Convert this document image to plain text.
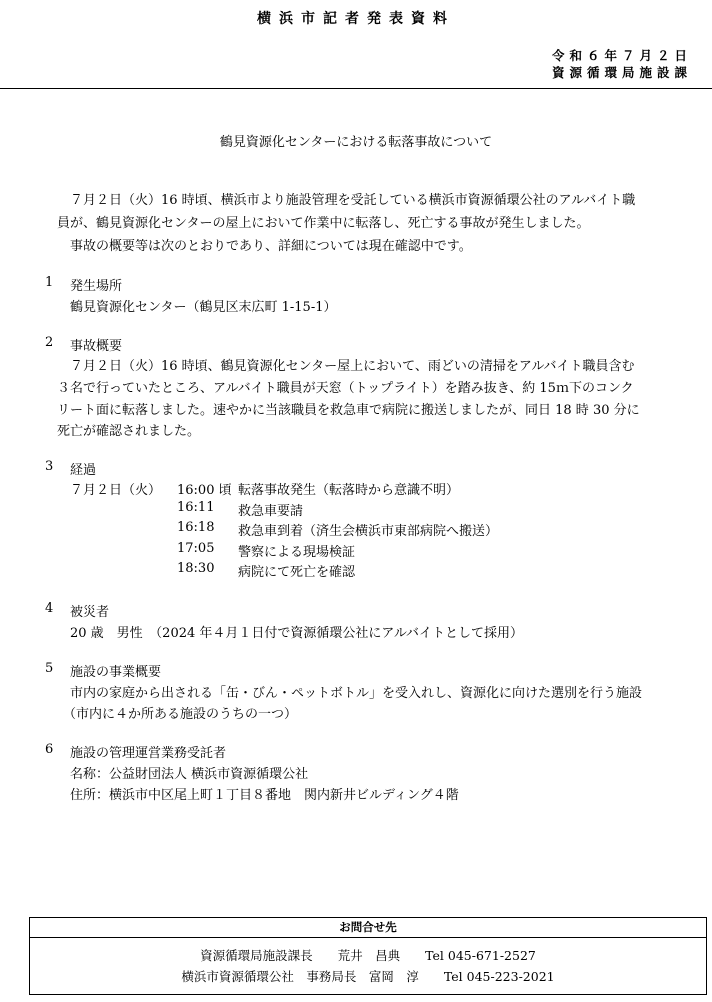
横浜市記者発表資料
令和６年７月２日
資源循環局施設課
鶴見資源化センターにおける転落事故について
７月２日（火）16 時頃、横浜市より施設管理を受託している横浜市資源循環公社のアルバイト職
員が、鶴見資源化センターの屋上において作業中に転落し、死亡する事故が発生しました。
事故の概要等は次のとおりであり、詳細については現在確認中です。
1 発生場所
鶴見資源化センター（鶴見区末広町 1-15-1）
2 事故概要
７月２日（火）16 時頃、鶴見資源化センター屋上において、雨どいの清掃をアルバイト職員含む
３名で行っていたところ、アルバイト職員が天窓（トップライト）を踏み抜き、約 15ｍ下のコンク
リート面に転落しました。速やかに当該職員を救急車で病院に搬送しましたが、同日 18 時 30 分に
死亡が確認されました。
3 経過
７月２日（火） 16:00 頃 転落事故発生（転落時から意識不明）
16:11 救急車要請
16:18 救急車到着（済生会横浜市東部病院へ搬送）
17:05 警察による現場検証
18:30 病院にて死亡を確認
4 被災者
20 歳　男性　（2024 年４月１日付で資源循環公社にアルバイトとして採用）
5 施設の事業概要
市内の家庭から出される「缶・びん・ペットボトル」を受入れし、資源化に向けた選別を行う施設
（市内に４か所ある施設のうちの一つ）
6 施設の管理運営業務受託者
名称：公益財団法人 横浜市資源循環公社
住所：横浜市中区尾上町１丁目８番地　関内新井ビルディング４階
お問合せ先
資源循環局施設課長　　荒井　昌典　　Tel 045-671-2527
横浜市資源循環公社　事務局長　富岡　淳　　Tel 045-223-2021
